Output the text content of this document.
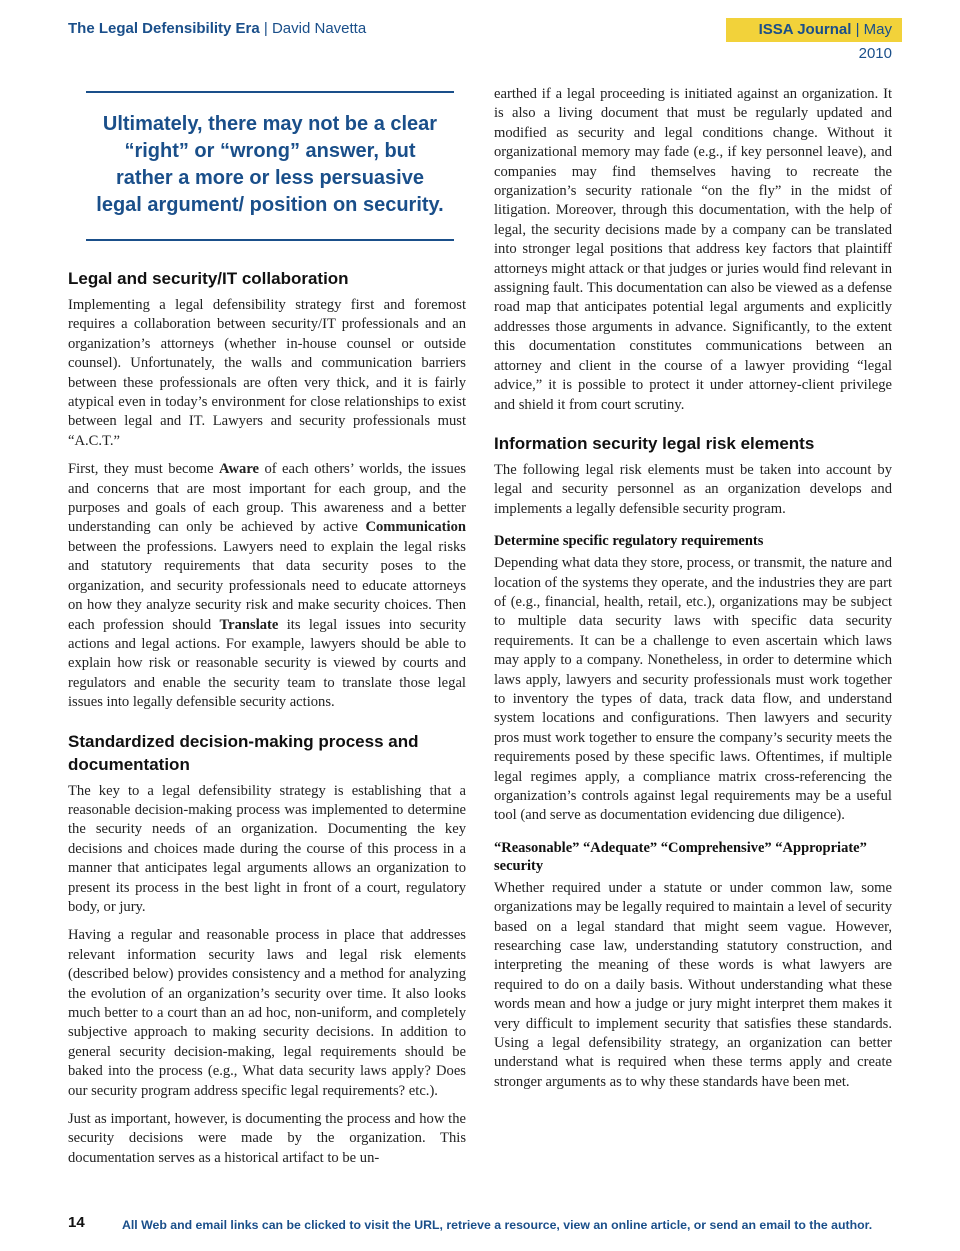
The Legal Defensibility Era | David Navetta	ISSA Journal | May 2010
Ultimately, there may not be a clear “right” or “wrong” answer, but rather a more or less persuasive legal argument/ position on security.
Legal and security/IT collaboration

Implementing a legal defensibility strategy first and foremost requires a collaboration between security/IT professionals and an organization’s attorneys (whether in-house counsel or outside counsel). Unfortunately, the walls and communication barriers between these professionals are often very thick, and it is fairly atypical even in today’s environment for close relationships to exist between legal and IT. Lawyers and security professionals must “A.C.T.”

First, they must become Aware of each others’ worlds, the issues and concerns that are most important for each group, and the purposes and goals of each group. This awareness and a better understanding can only be achieved by active Communication between the professions. Lawyers need to explain the legal risks and statutory requirements that data security poses to the organization, and security professionals need to educate attorneys on how they analyze security risk and make security choices. Then each profession should Translate its legal issues into security actions and legal actions. For example, lawyers should be able to explain how risk or reasonable security is viewed by courts and regulators and enable the security team to translate those legal issues into legally defensible security actions.

Standardized decision-making process and documentation

The key to a legal defensibility strategy is establishing that a reasonable decision-making process was implemented to determine the security needs of an organization. Documenting the key decisions and choices made during the course of this process in a manner that anticipates legal arguments allows an organization to present its process in the best light in front of a court, regulatory body, or jury.

Having a regular and reasonable process in place that addresses relevant information security laws and legal risk elements (described below) provides consistency and a method for analyzing the evolution of an organization’s security over time. It also looks much better to a court than an ad hoc, non-uniform, and completely subjective approach to making security decisions. In addition to general security decision-making, legal requirements should be baked into the process (e.g., What data security laws apply? Does our security program address specific legal requirements? etc.).

Just as important, however, is documenting the process and how the security decisions were made by the organization. This documentation serves as a historical artifact to be un-

earthed if a legal proceeding is initiated against an organization. It is also a living document that must be regularly updated and modified as security and legal conditions change. Without it organizational memory may fade (e.g., if key personnel leave), and companies may find themselves having to recreate the organization’s security rationale “on the fly” in the midst of litigation. Moreover, through this documentation, with the help of legal, the security decisions made by a company can be translated into stronger legal positions that address key factors that plaintiff attorneys might attack or that judges or juries would find relevant in assigning fault. This documentation can also be viewed as a defense road map that anticipates potential legal arguments and explicitly addresses those arguments in advance. Significantly, to the extent this documentation constitutes communications between an attorney and client in the course of a lawyer providing “legal advice,” it is possible to protect it under attorney-client privilege and shield it from court scrutiny.

Information security legal risk elements

The following legal risk elements must be taken into account by legal and security personnel as an organization develops and implements a legally defensible security program.

Determine specific regulatory requirements

Depending what data they store, process, or transmit, the nature and location of the systems they operate, and the industries they are part of (e.g., financial, health, retail, etc.), organizations may be subject to multiple data security laws with specific data security requirements. It can be a challenge to even ascertain which laws may apply to a company. Nonetheless, in order to determine which laws apply, lawyers and security professionals must work together to inventory the types of data, track data flow, and understand system locations and configurations. Then lawyers and security pros must work together to ensure the company’s security meets the requirements posed by these specific laws. Oftentimes, if multiple legal regimes apply, a compliance matrix cross-referencing the organization’s controls against legal requirements may be a useful tool (and serve as documentation evidencing due diligence).

“Reasonable” “Adequate” “Comprehensive” “Appropriate” security

Whether required under a statute or under common law, some organizations may be legally required to maintain a level of security based on a legal standard that might seem vague. However, researching case law, understanding statutory construction, and interpreting the meaning of these words is what lawyers are required to do on a daily basis. Without understanding what these words mean and how a judge or jury might interpret them makes it very difficult to implement security that satisfies these standards. Using a legal defensibility strategy, an organization can better understand what is required when these terms apply and create stronger arguments as to why these standards have been met.

14	All Web and email links can be clicked to visit the URL, retrieve a resource, view an online article, or send an email to the author.
